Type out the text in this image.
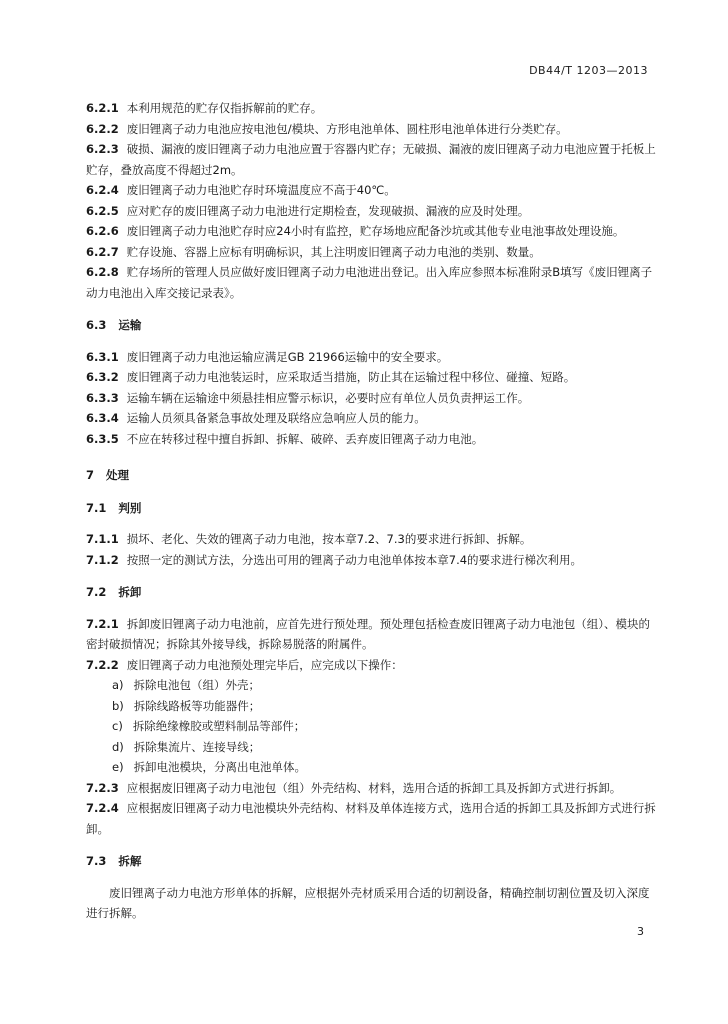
DB44/T 1203—2013

6.2.1 本利用规范的贮存仅指拆解前的贮存。

6.2.2 废旧锂离子动力电池应按电池包/模块、方形电池单体、圆柱形电池单体进行分类贮存。

6.2.3 破损、漏液的废旧锂离子动力电池应置于容器内贮存；无破损、漏液的废旧锂离子动力电池应置于托板上贮存，叠放高度不得超过2m。

6.2.4 废旧锂离子动力电池贮存时环境温度应不高于40℃。

6.2.5 应对贮存的废旧锂离子动力电池进行定期检查，发现破损、漏液的应及时处理。

6.2.6 废旧锂离子动力电池贮存时应24小时有监控，贮存场地应配备沙坑或其他专业电池事故处理设施。

6.2.7 贮存设施、容器上应标有明确标识，其上注明废旧锂离子动力电池的类别、数量。

6.2.8 贮存场所的管理人员应做好废旧锂离子动力电池进出登记。出入库应参照本标准附录B填写《废旧锂离子动力电池出入库交接记录表》。

6.3 运输

6.3.1 废旧锂离子动力电池运输应满足GB 21966运输中的安全要求。

6.3.2 废旧锂离子动力电池装运时，应采取适当措施，防止其在运输过程中移位、碰撞、短路。

6.3.3 运输车辆在运输途中须悬挂相应警示标识，必要时应有单位人员负责押运工作。

6.3.4 运输人员须具备紧急事故处理及联络应急响应人员的能力。

6.3.5 不应在转移过程中擅自拆卸、拆解、破碎、丢弃废旧锂离子动力电池。

7 处理
7.1 判别

7.1.1 损坏、老化、失效的锂离子动力电池，按本章7.2、7.3的要求进行拆卸、拆解。

7.1.2 按照一定的测试方法，分选出可用的锂离子动力电池单体按本章7.4的要求进行梯次利用。

7.2 拆卸

7.2.1 拆卸废旧锂离子动力电池前，应首先进行预处理。预处理包括检查废旧锂离子动力电池包（组）、模块的密封破损情况；拆除其外接导线，拆除易脱落的附属件。

7.2.2 废旧锂离子动力电池预处理完毕后，应完成以下操作：

a) 拆除电池包（组）外壳；
b) 拆除线路板等功能器件；
c) 拆除绝缘橡胶或塑料制品等部件；
d) 拆除集流片、连接导线；
e) 拆卸电池模块，分离出电池单体。

7.2.3 应根据废旧锂离子动力电池包（组）外壳结构、材料，选用合适的拆卸工具及拆卸方式进行拆卸。

7.2.4 应根据废旧锂离子动力电池模块外壳结构、材料及单体连接方式，选用合适的拆卸工具及拆卸方式进行拆卸。

7.3 拆解

废旧锂离子动力电池方形单体的拆解，应根据外壳材质采用合适的切割设备，精确控制切割位置及切入深度进行拆解。

3
